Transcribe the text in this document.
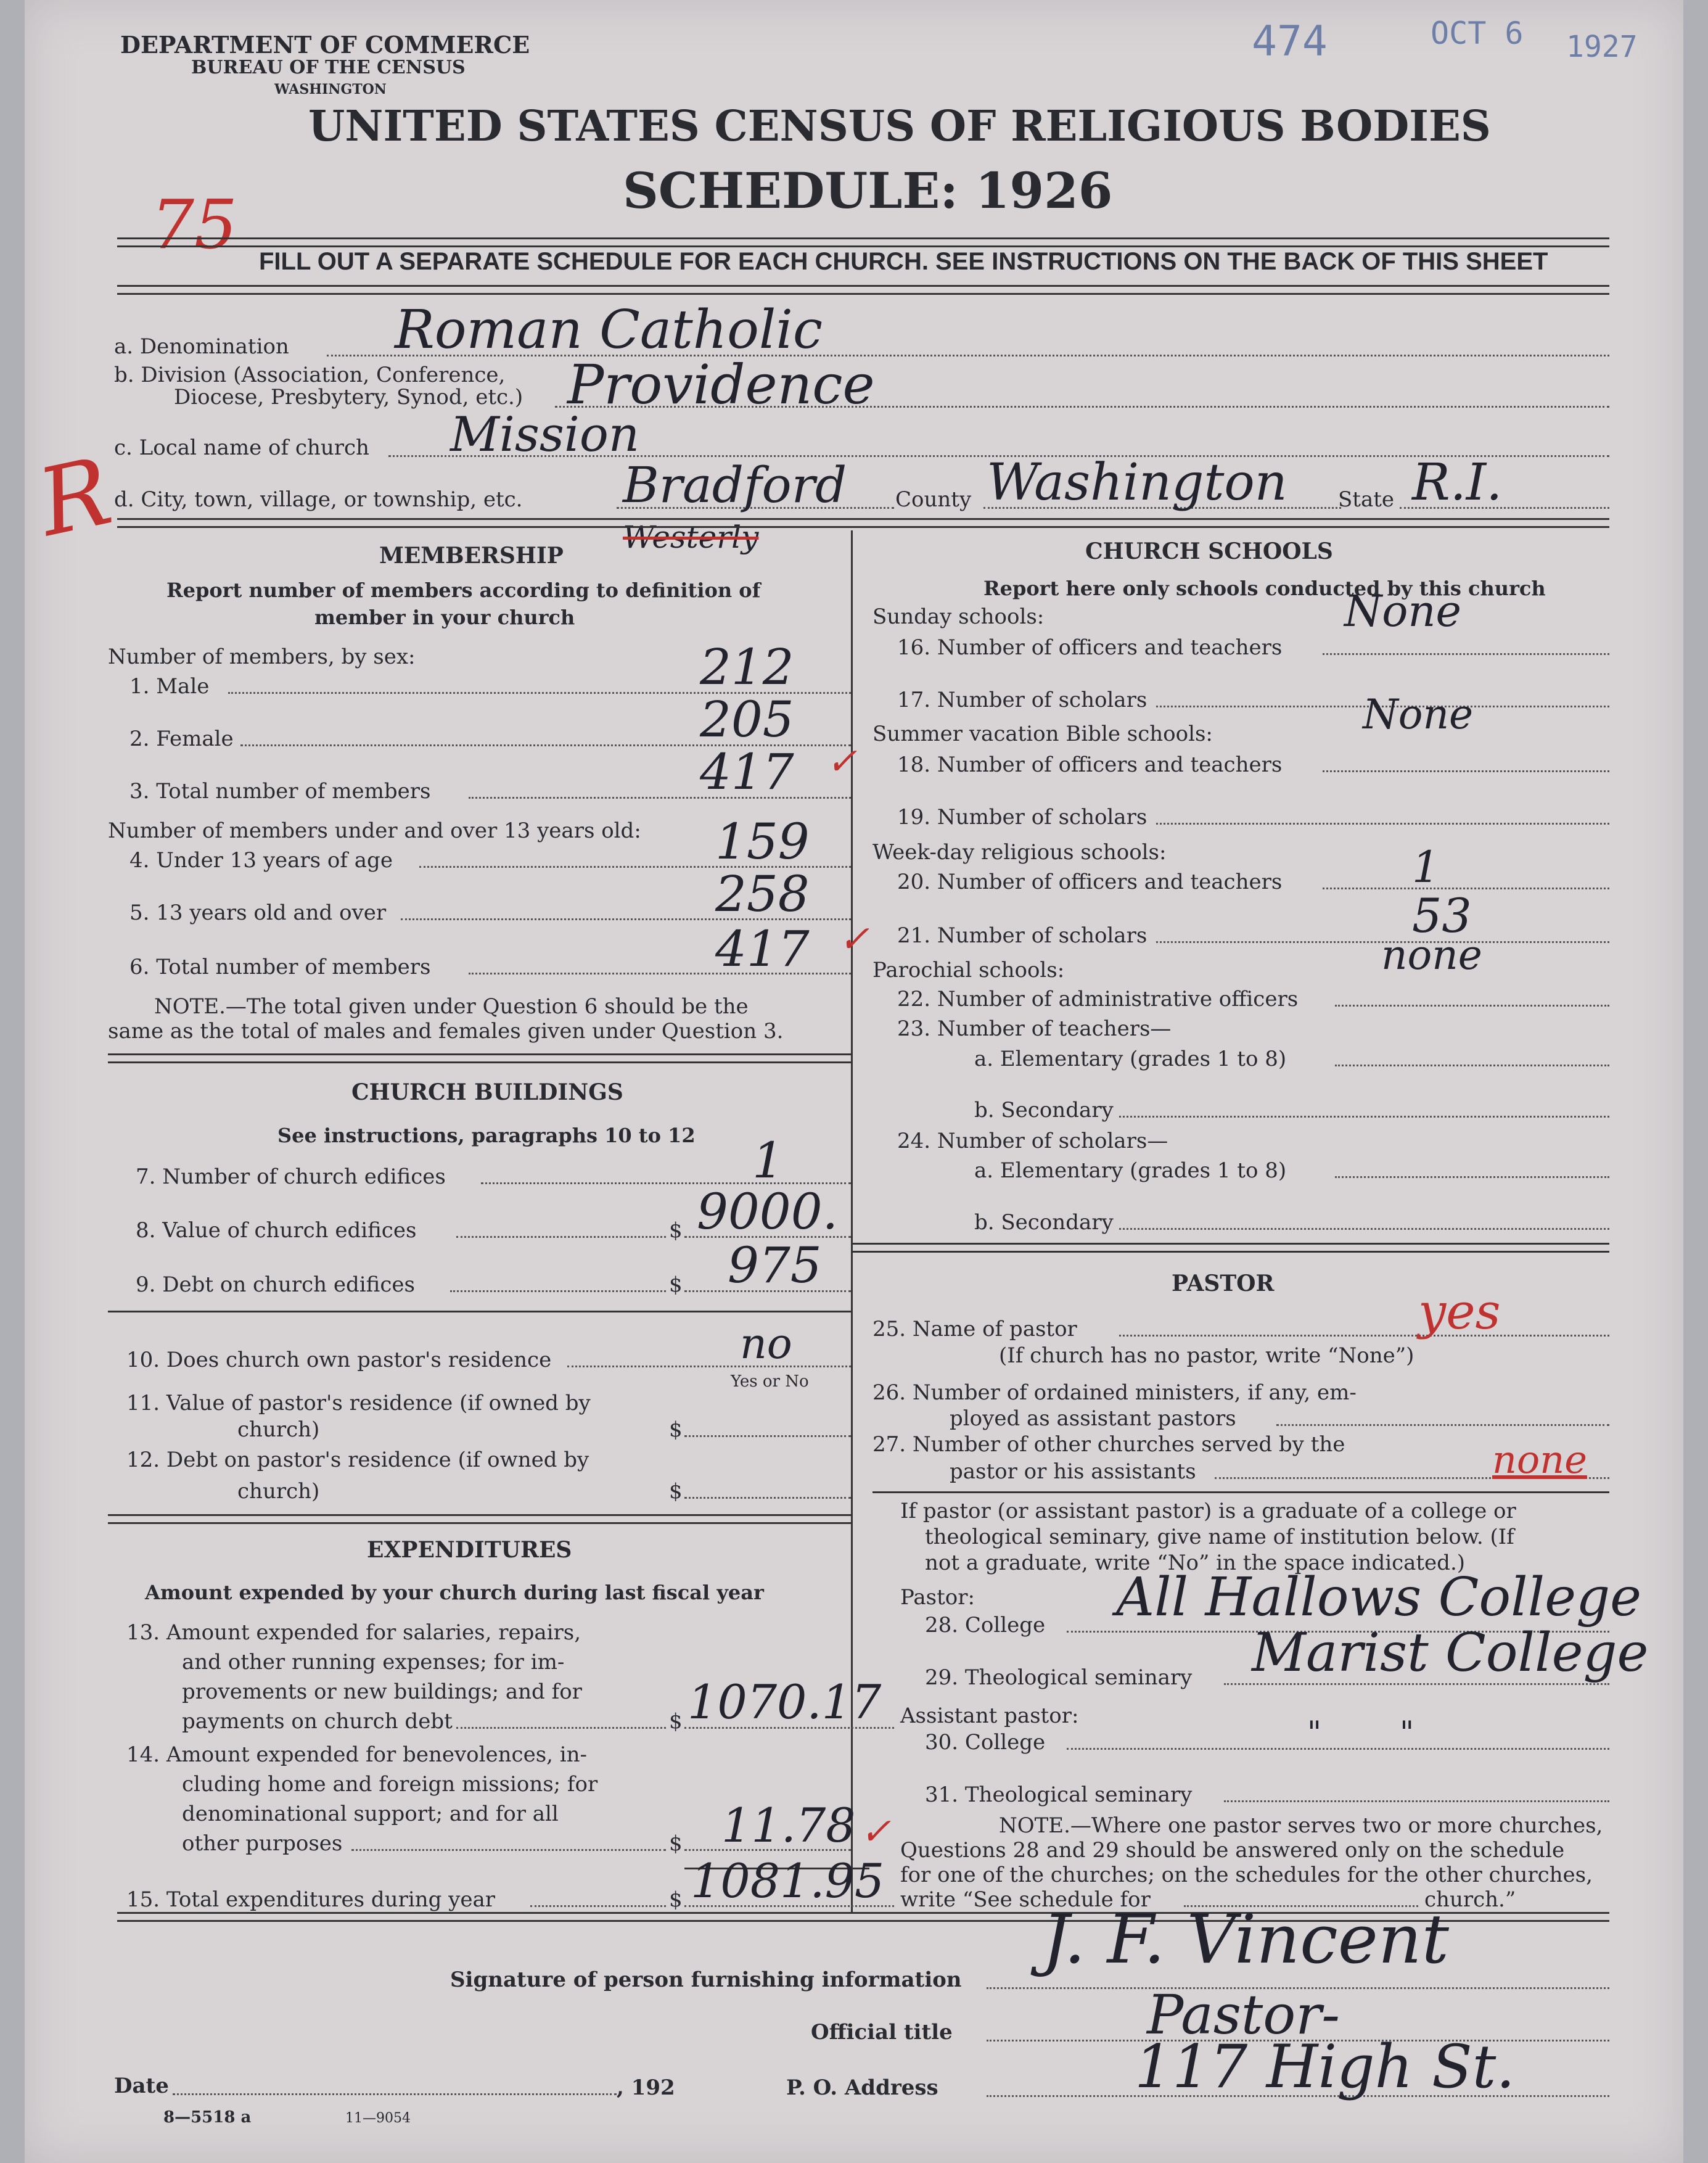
DEPARTMENT OF COMMERCE
BUREAU OF THE CENSUS
WASHINGTON
474	OCT 6 1927
UNITED STATES CENSUS OF RELIGIOUS BODIES
SCHEDULE: 1926
75
R
FILL OUT A SEPARATE SCHEDULE FOR EACH CHURCH. SEE INSTRUCTIONS ON THE BACK OF THIS SHEET
a. Denomination Roman Catholic
b. Division (Association, Conference,
Diocese, Presbytery, Synod, etc.) Providence
c. Local name of church Mission
d. City, town, village, or township, etc. Bradford
Westerly
County Washington State R.I.
MEMBERSHIP
Report number of members according to definition of
member in your church
Number of members, by sex:
1. Male	212
2. Female	205
3. Total number of members	417 ✓
Number of members under and over 13 years old:
4. Under 13 years of age	159
5. 13 years old and over	258
6. Total number of members	417 ✓
NOTE.—The total given under Question 6 should be the
same as the total of males and females given under Question 3.
CHURCH BUILDINGS
See instructions, paragraphs 10 to 12
7. Number of church edifices	1
8. Value of church edifices	$ 9000.
9. Debt on church edifices	$ 975
10. Does church own pastor's residence	no
Yes or No
11. Value of pastor's residence (if owned by
church)	$
12. Debt on pastor's residence (if owned by
church)	$
EXPENDITURES
Amount expended by your church during last fiscal year
13. Amount expended for salaries, repairs,
and other running expenses; for im-
provements or new buildings; and for
payments on church debt	$ 1070.17
14. Amount expended for benevolences, in-
cluding home and foreign missions; for
denominational support; and for all
other purposes	$ 11.78 ✓
15. Total expenditures during year	$ 1081.95
CHURCH SCHOOLS
Report here only schools conducted by this church
Sunday schools:	None
16. Number of officers and teachers
17. Number of scholars
Summer vacation Bible schools:	None
18. Number of officers and teachers
19. Number of scholars
Week-day religious schools:
20. Number of officers and teachers	1
21. Number of scholars	53
Parochial schools:	none
22. Number of administrative officers
23. Number of teachers—
a. Elementary (grades 1 to 8)
b. Secondary
24. Number of scholars—
a. Elementary (grades 1 to 8)
b. Secondary
PASTOR
25. Name of pastor	yes
(If church has no pastor, write “None”)
26. Number of ordained ministers, if any, em-
ployed as assistant pastors
27. Number of other churches served by the
pastor or his assistants	none
If pastor (or assistant pastor) is a graduate of a college or
theological seminary, give name of institution below. (If
not a graduate, write “No” in the space indicated.)
Pastor:
28. College All Hallows College
29. Theological seminary Marist College
Assistant pastor:
30. College	"        "
31. Theological seminary
NOTE.—Where one pastor serves two or more churches,
Questions 28 and 29 should be answered only on the schedule
for one of the churches; on the schedules for the other churches,
write “See schedule for	church.”
Signature of person furnishing information
J. F. Vincent
Official title	Pastor-
Date	, 192	P. O. Address	117 High St.
8—5518 a	11—9054
